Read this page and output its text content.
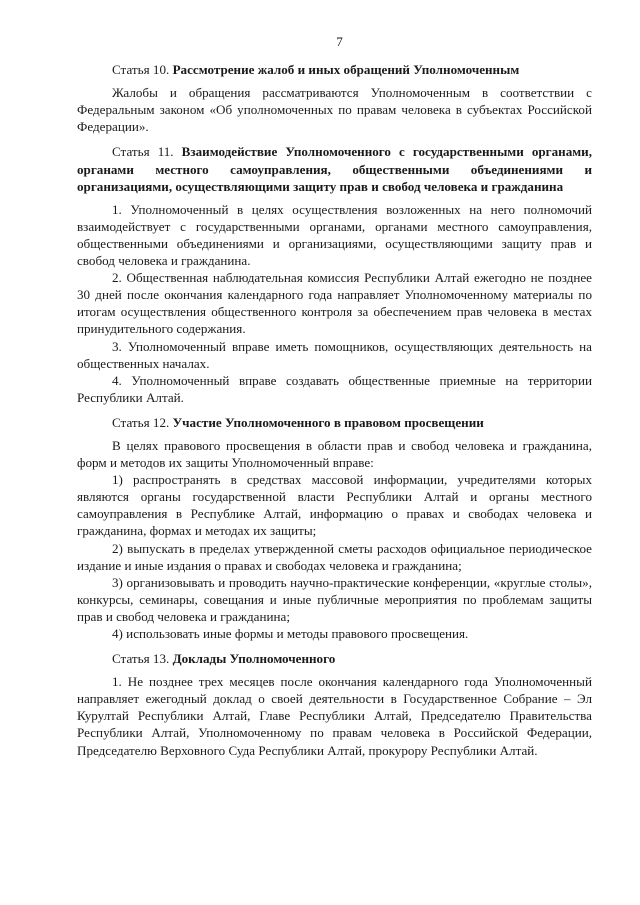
7
Статья 10. Рассмотрение жалоб и иных обращений Уполномоченным

Жалобы и обращения рассматриваются Уполномоченным в соответствии с Федеральным законом «Об уполномоченных по правам человека в субъектах Российской Федерации».

Статья 11. Взаимодействие Уполномоченного с государственными органами, органами местного самоуправления, общественными объединениями и организациями, осуществляющими защиту прав и свобод человека и гражданина

1. Уполномоченный в целях осуществления возложенных на него полномочий взаимодействует с государственными органами, органами местного самоуправления, общественными объединениями и организациями, осуществляющими защиту прав и свобод человека и гражданина.

2. Общественная наблюдательная комиссия Республики Алтай ежегодно не позднее 30 дней после окончания календарного года направляет Уполномоченному материалы по итогам осуществления общественного контроля за обеспечением прав человека в местах принудительного содержания.

3. Уполномоченный вправе иметь помощников, осуществляющих деятельность на общественных началах.

4. Уполномоченный вправе создавать общественные приемные на территории Республики Алтай.

Статья 12. Участие Уполномоченного в правовом просвещении

В целях правового просвещения в области прав и свобод человека и гражданина, форм и методов их защиты Уполномоченный вправе:

1) распространять в средствах массовой информации, учредителями которых являются органы государственной власти Республики Алтай и органы местного самоуправления в Республике Алтай, информацию о правах и свободах человека и гражданина, формах и методах их защиты;

2) выпускать в пределах утвержденной сметы расходов официальное периодическое издание и иные издания о правах и свободах человека и гражданина;

3) организовывать и проводить научно-практические конференции, «круглые столы», конкурсы, семинары, совещания и иные публичные мероприятия по проблемам защиты прав и свобод человека и гражданина;

4) использовать иные формы и методы правового просвещения.

Статья 13. Доклады Уполномоченного

1. Не позднее трех месяцев после окончания календарного года Уполномоченный направляет ежегодный доклад о своей деятельности в Государственное Собрание – Эл Курултай Республики Алтай, Главе Республики Алтай, Председателю Правительства Республики Алтай, Уполномоченному по правам человека в Российской Федерации, Председателю Верховного Суда Республики Алтай, прокурору Республики Алтай.
